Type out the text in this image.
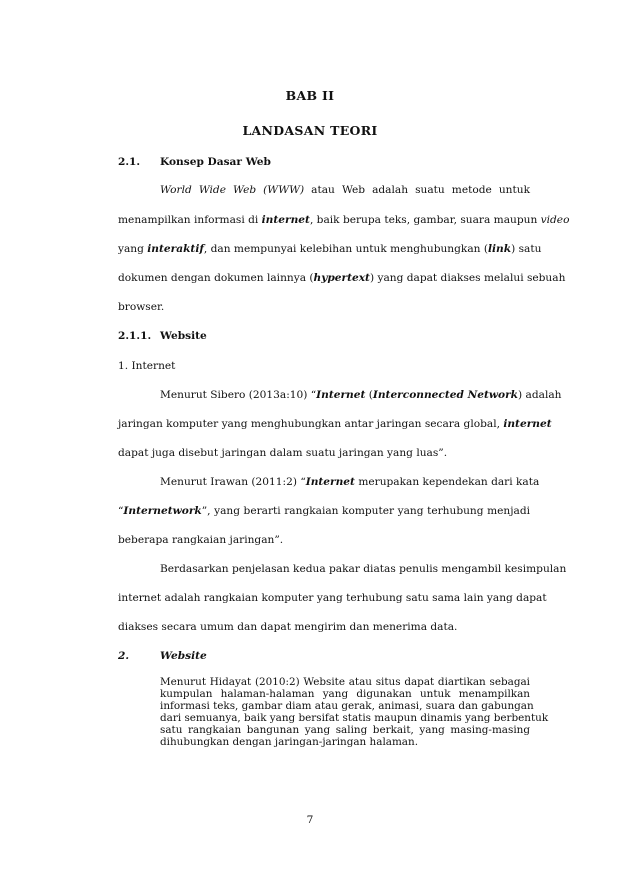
BAB II
LANDASAN TEORI
2.1. Konsep Dasar Web
World Wide Web (WWW) atau Web adalah suatu metode untuk
menampilkan informasi di internet, baik berupa teks, gambar, suara maupun video
yang interaktif, dan mempunyai kelebihan untuk menghubungkan (link) satu
dokumen dengan dokumen lainnya (hypertext) yang dapat diakses melalui sebuah
browser.
2.1.1. Website
1. Internet
Menurut Sibero (2013a:10) “Internet (Interconnected Network) adalah
jaringan komputer yang menghubungkan antar jaringan secara global, internet
dapat juga disebut jaringan dalam suatu jaringan yang luas”.
Menurut Irawan (2011:2) “Internet merupakan kependekan dari kata
“Internetwork”, yang berarti rangkaian komputer yang terhubung menjadi
beberapa rangkaian jaringan”.
Berdasarkan penjelasan kedua pakar diatas penulis mengambil kesimpulan
internet adalah rangkaian komputer yang terhubung satu sama lain yang dapat
diakses secara umum dan dapat mengirim dan menerima data.
2.	Website
Menurut Hidayat (2010:2) Website atau situs dapat diartikan sebagai
kumpulan halaman-halaman yang digunakan untuk menampilkan
informasi teks, gambar diam atau gerak, animasi, suara dan gabungan
dari semuanya, baik yang bersifat statis maupun dinamis yang berbentuk
satu rangkaian bangunan yang saling berkait, yang masing-masing
dihubungkan dengan jaringan-jaringan halaman.
7
